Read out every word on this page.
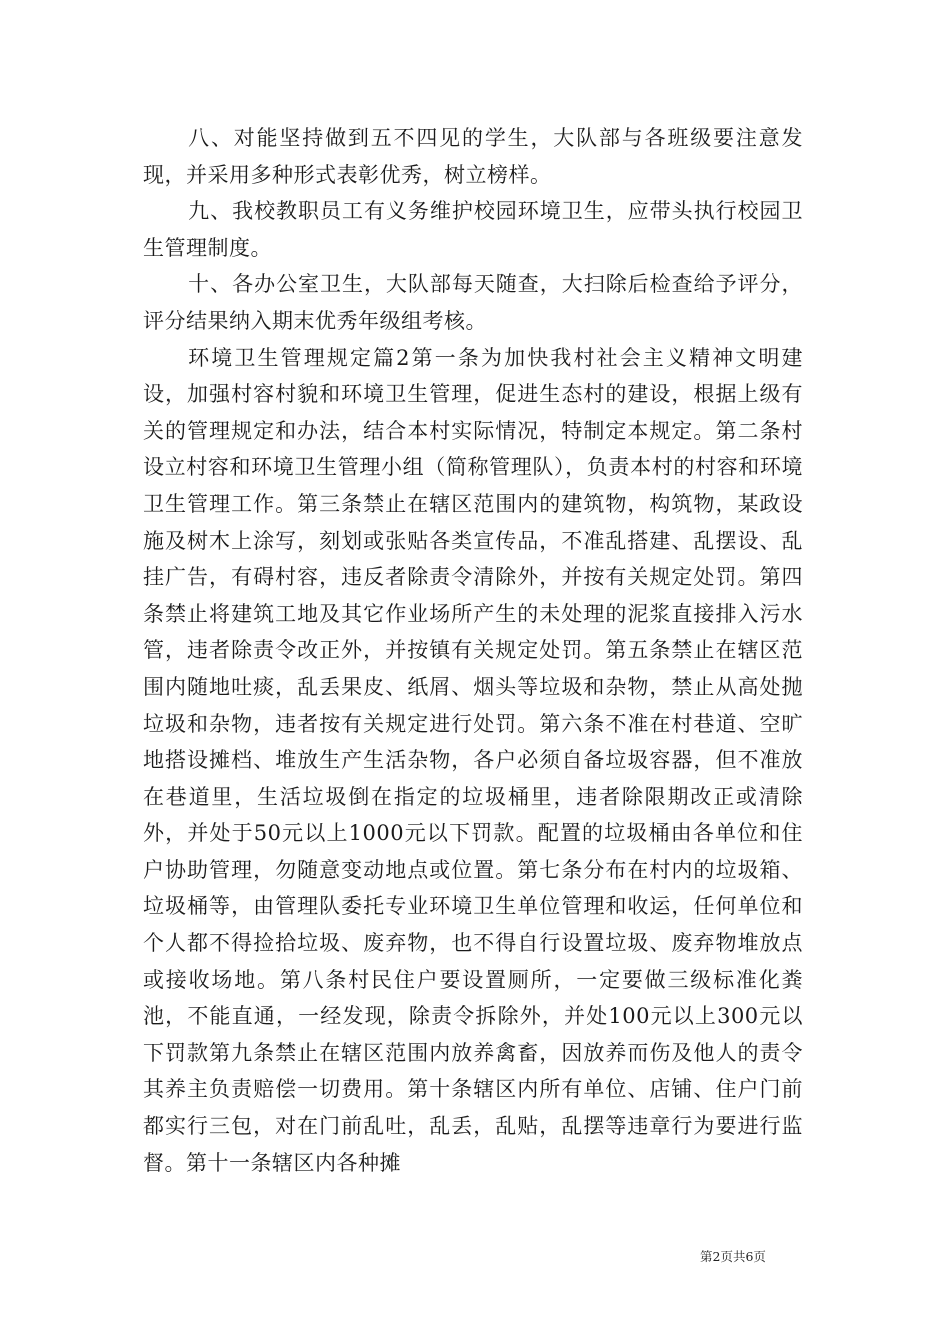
八、对能坚持做到五不四见的学生，大队部与各班级要注意发现，并采用多种形式表彰优秀，树立榜样。

九、我校教职员工有义务维护校园环境卫生，应带头执行校园卫生管理制度。

十、各办公室卫生，大队部每天随查，大扫除后检查给予评分，评分结果纳入期末优秀年级组考核。

环境卫生管理规定篇2第一条为加快我村社会主义精神文明建设，加强村容村貌和环境卫生管理，促进生态村的建设，根据上级有关的管理规定和办法，结合本村实际情况，特制定本规定。第二条村设立村容和环境卫生管理小组（简称管理队），负责本村的村容和环境卫生管理工作。第三条禁止在辖区范围内的建筑物，构筑物，某政设施及树木上涂写，刻划或张贴各类宣传品，不准乱搭建、乱摆设、乱挂广告，有碍村容，违反者除责令清除外，并按有关规定处罚。第四条禁止将建筑工地及其它作业场所产生的未处理的泥浆直接排入污水管，违者除责令改正外，并按镇有关规定处罚。第五条禁止在辖区范围内随地吐痰，乱丢果皮、纸屑、烟头等垃圾和杂物，禁止从高处抛垃圾和杂物，违者按有关规定进行处罚。第六条不准在村巷道、空旷地搭设摊档、堆放生产生活杂物，各户必须自备垃圾容器，但不准放在巷道里，生活垃圾倒在指定的垃圾桶里，违者除限期改正或清除外，并处于50元以上1000元以下罚款。配置的垃圾桶由各单位和住户协助管理，勿随意变动地点或位置。第七条分布在村内的垃圾箱、垃圾桶等，由管理队委托专业环境卫生单位管理和收运，任何单位和个人都不得捡拾垃圾、废弃物，也不得自行设置垃圾、废弃物堆放点或接收场地。第八条村民住户要设置厕所，一定要做三级标准化粪池，不能直通，一经发现，除责令拆除外，并处100元以上300元以下罚款第九条禁止在辖区范围内放养禽畜，因放养而伤及他人的责令其养主负责赔偿一切费用。第十条辖区内所有单位、店铺、住户门前都实行三包，对在门前乱吐，乱丢，乱贴，乱摆等违章行为要进行监督。第十一条辖区内各种摊

第2页共6页
